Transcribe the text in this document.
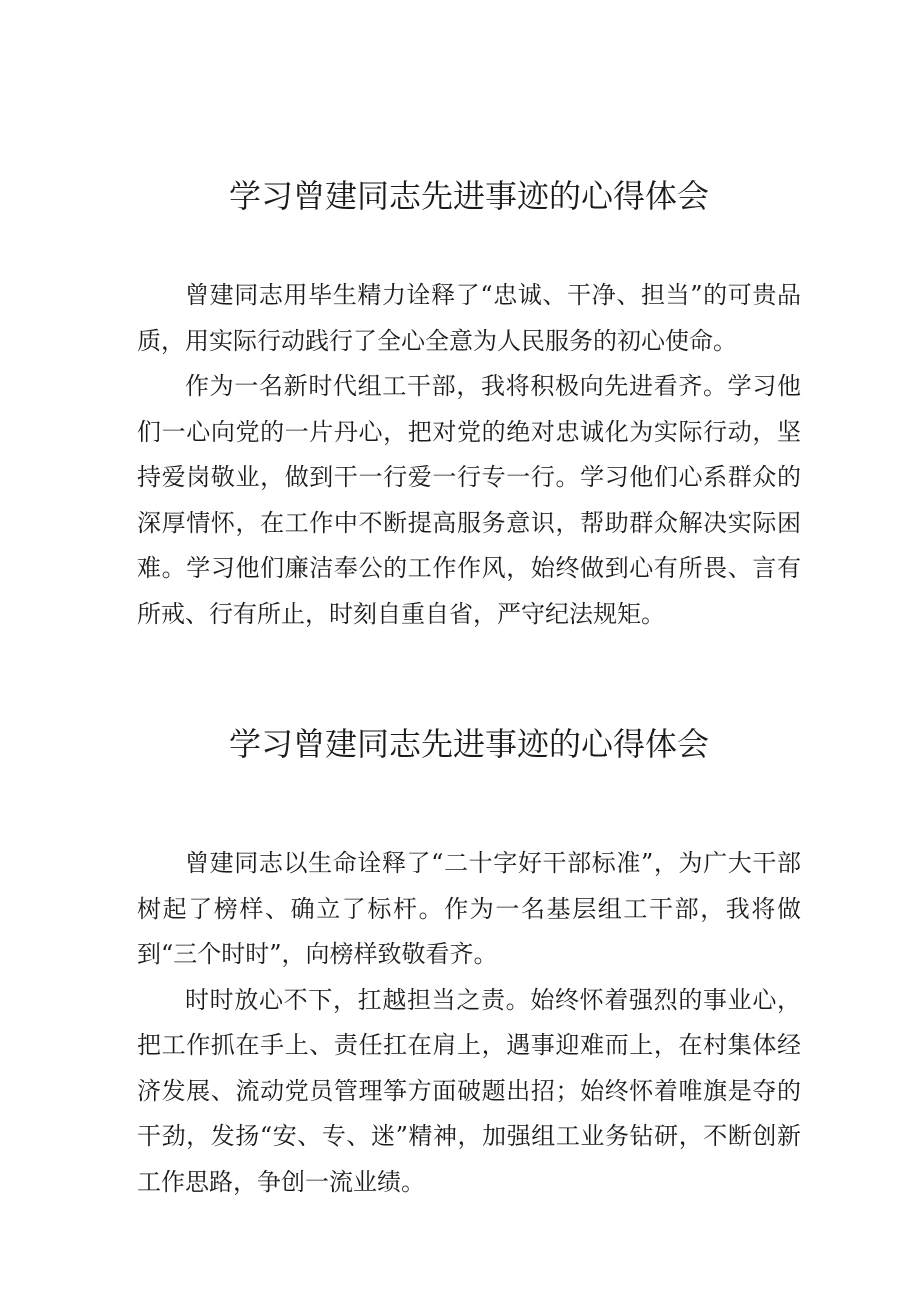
学习曾建同志先进事迹的心得体会

曾建同志用毕生精力诠释了“忠诚、干净、担当”的可贵品质，用实际行动践行了全心全意为人民服务的初心使命。

作为一名新时代组工干部，我将积极向先进看齐。学习他们一心向党的一片丹心，把对党的绝对忠诚化为实际行动，坚持爱岗敬业，做到干一行爱一行专一行。学习他们心系群众的深厚情怀，在工作中不断提高服务意识，帮助群众解决实际困难。学习他们廉洁奉公的工作作风，始终做到心有所畏、言有所戒、行有所止，时刻自重自省，严守纪法规矩。

学习曾建同志先进事迹的心得体会

曾建同志以生命诠释了“二十字好干部标准”，为广大干部树起了榜样、确立了标杆。作为一名基层组工干部，我将做到“三个时时”，向榜样致敬看齐。

时时放心不下，扛越担当之责。始终怀着强烈的事业心，把工作抓在手上、责任扛在肩上，遇事迎难而上，在村集体经济发展、流动党员管理筝方面破题出招；始终怀着唯旗是夺的干劲，发扬“安、专、迷”精神，加强组工业务钻研，不断创新工作思路，争创一流业绩。
